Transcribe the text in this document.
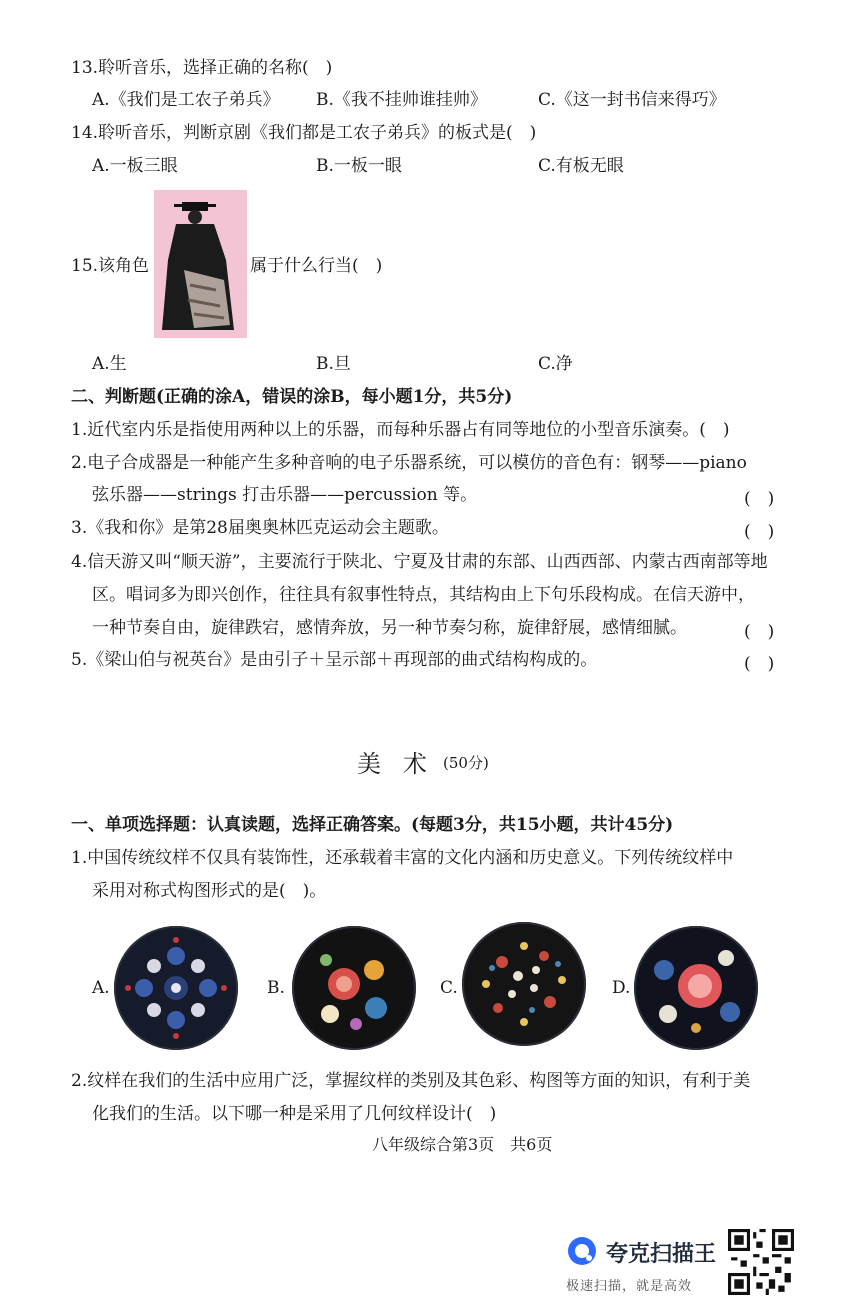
13.聆听音乐，选择正确的名称(　)
A.《我们是工农子弟兵》 B.《我不挂帅谁挂帅》	C.《这一封书信来得巧》
14.聆听音乐，判断京剧《我们都是工农子弟兵》的板式是(　)
A.一板三眼	B.一板一眼	C.有板无眼
15.该角色	属于什么行当(　)
A.生	B.旦	C.净
二、判断题(正确的涂A，错误的涂B，每小题1分，共5分)
1.近代室内乐是指使用两种以上的乐器，而每种乐器占有同等地位的小型音乐演奏。(　)
2.电子合成器是一种能产生多种音响的电子乐器系统，可以模仿的音色有：钢琴——piano
弦乐器——strings 打击乐器——percussion 等。	(　)
3.《我和你》是第28届奥奥林匹克运动会主题歌。	(　)
4.信天游又叫“顺天游”，主要流行于陕北、宁夏及甘肃的东部、山西西部、内蒙古西南部等地
区。唱词多为即兴创作，往往具有叙事性特点，其结构由上下句乐段构成。在信天游中，
一种节奏自由，旋律跌宕，感情奔放，另一种节奏匀称，旋律舒展，感情细腻。	(　)
5.《梁山伯与祝英台》是由引子＋呈示部＋再现部的曲式结构构成的。	(　)
美术
(50分)
一、单项选择题：认真读题，选择正确答案。(每题3分，共15小题，共计45分)
1.中国传统纹样不仅具有装饰性，还承载着丰富的文化内涵和历史意义。下列传统纹样中
采用对称式构图形式的是(　)。
A.	B.	C.	D.
2.纹样在我们的生活中应用广泛，掌握纹样的类别及其色彩、构图等方面的知识，有利于美
化我们的生活。以下哪一种是采用了几何纹样设计(　)
八年级综合第3页　共6页
夸克扫描王
极速扫描，就是高效
